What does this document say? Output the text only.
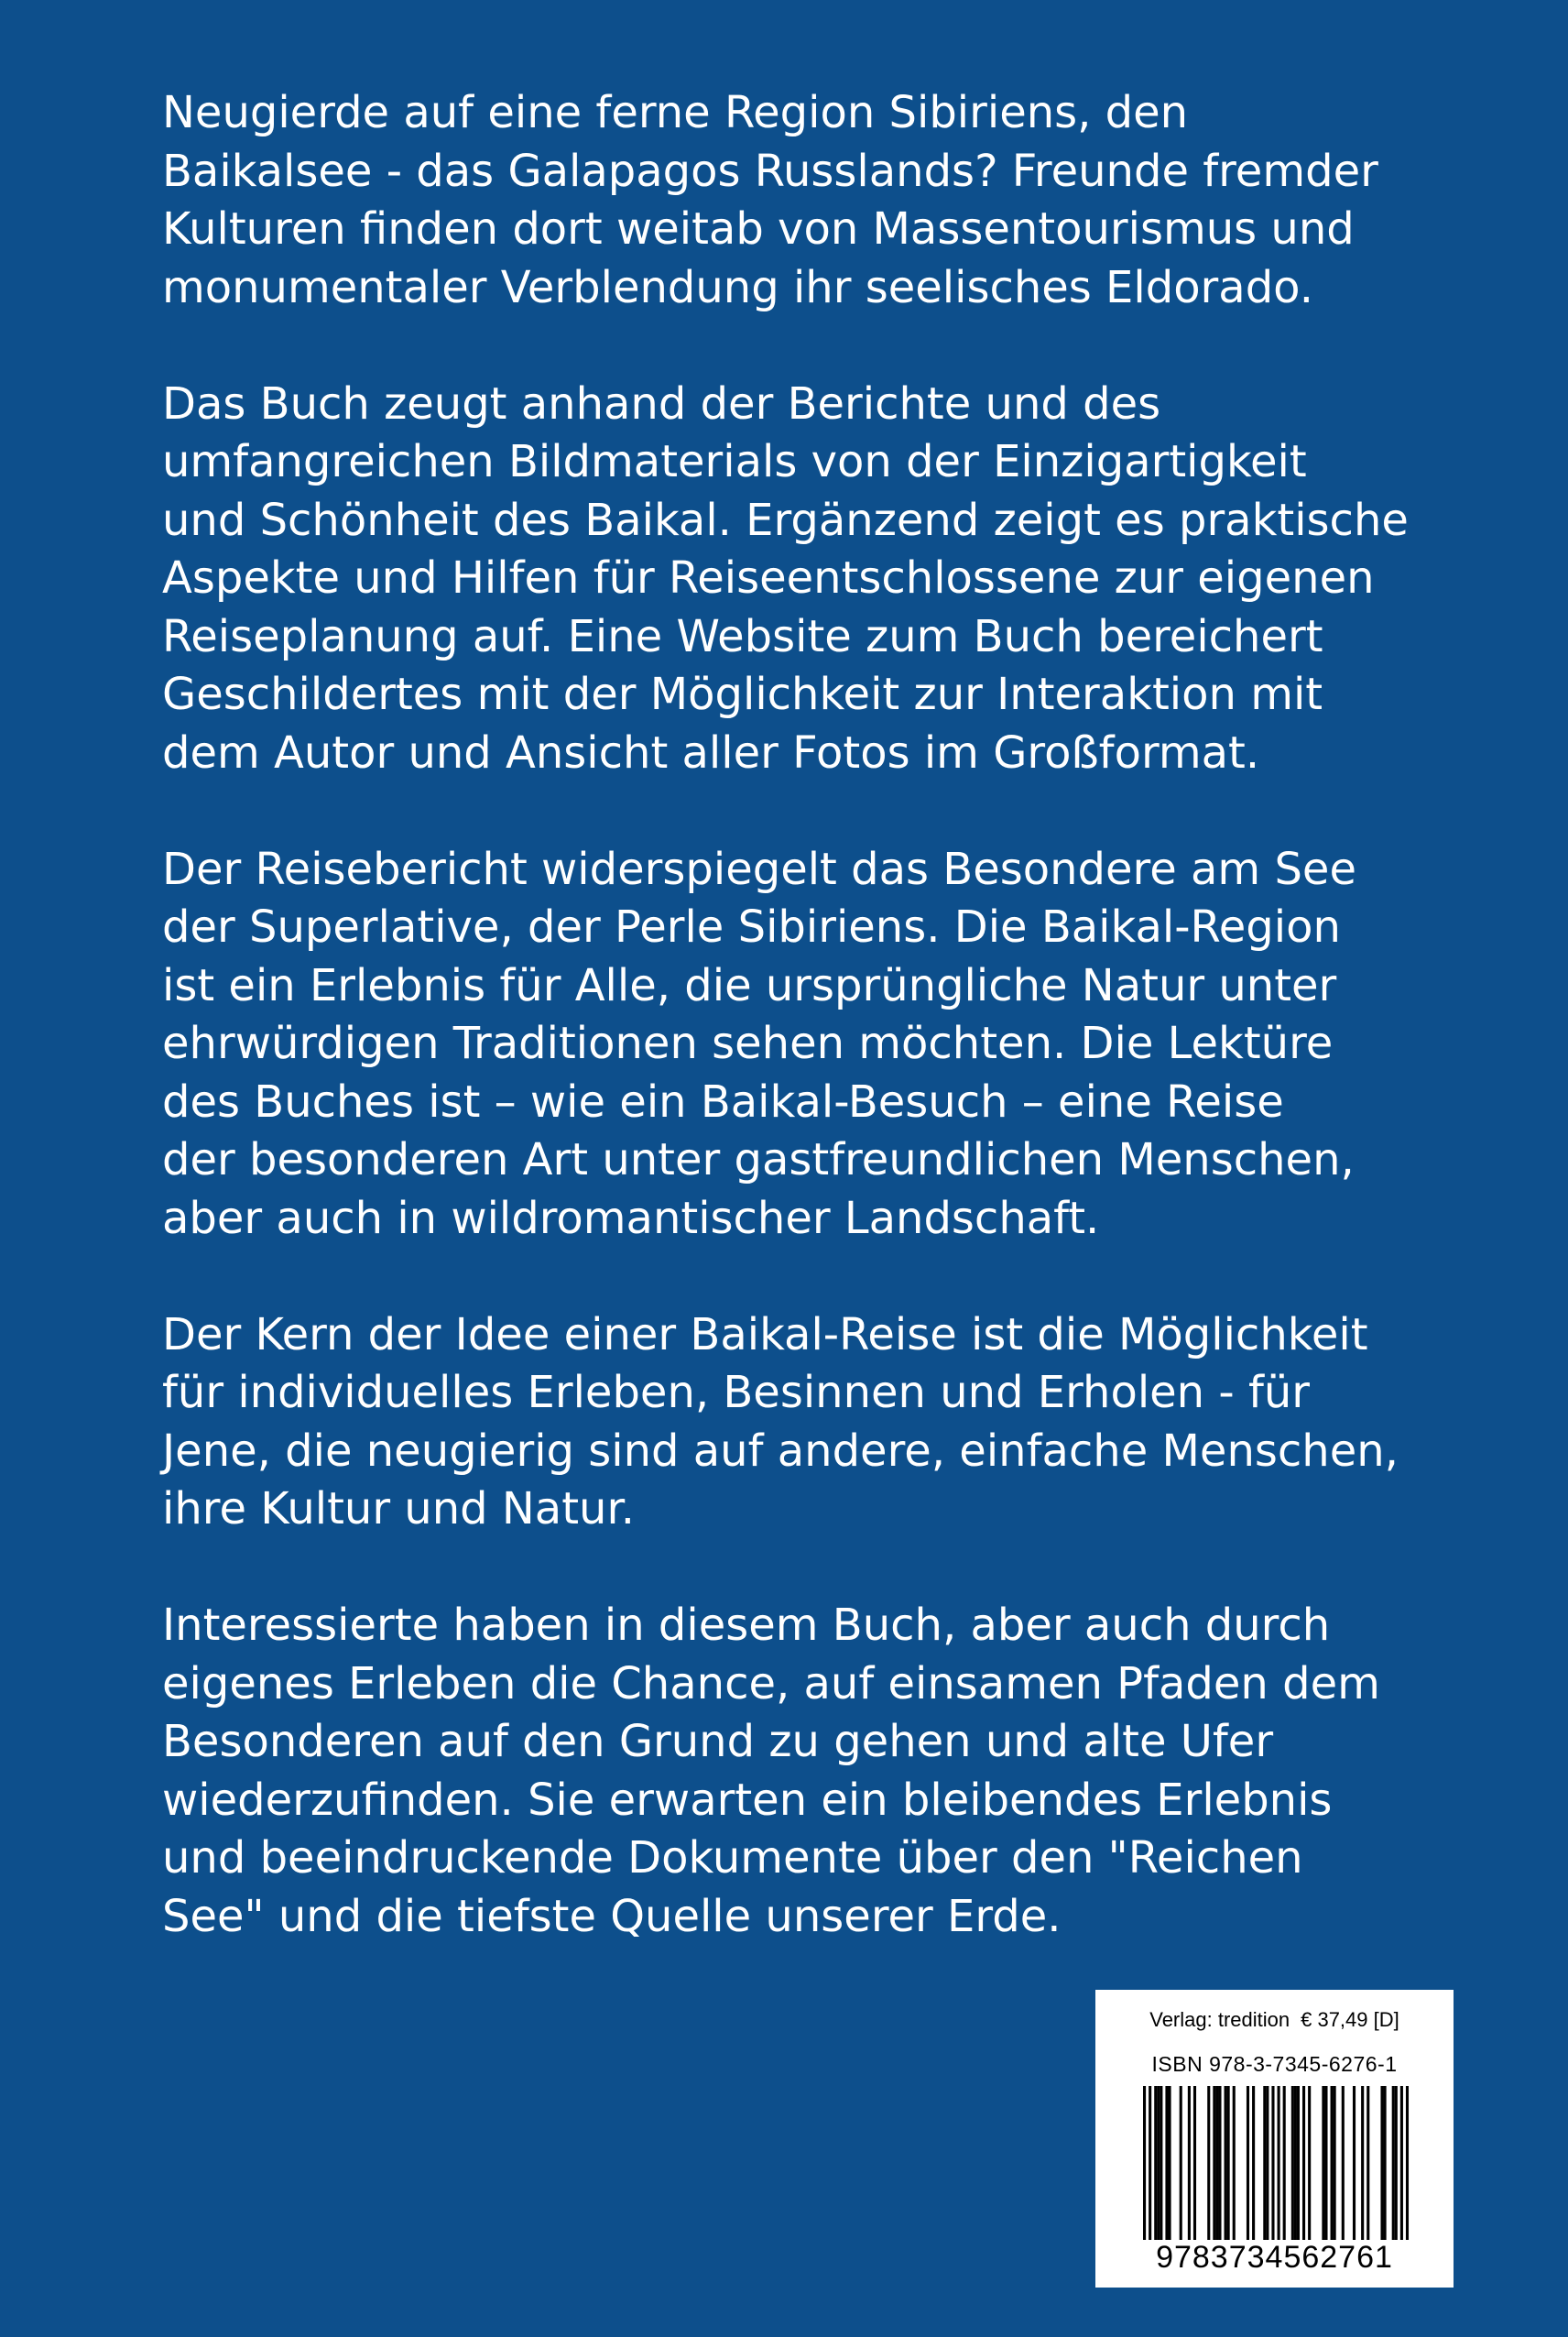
Neugierde auf eine ferne Region Sibiriens, den
Baikalsee - das Galapagos Russlands? Freunde fremder
Kulturen finden dort weitab von Massentourismus und
monumentaler Verblendung ihr seelisches Eldorado.
Das Buch zeugt anhand der Berichte und des
umfangreichen Bildmaterials von der Einzigartigkeit
und Schönheit des Baikal. Ergänzend zeigt es praktische
Aspekte und Hilfen für Reiseentschlossene zur eigenen
Reiseplanung auf. Eine Website zum Buch bereichert
Geschildertes mit der Möglichkeit zur Interaktion mit
dem Autor und Ansicht aller Fotos im Großformat.
Der Reisebericht widerspiegelt das Besondere am See
der Superlative, der Perle Sibiriens. Die Baikal-Region
ist ein Erlebnis für Alle, die ursprüngliche Natur unter
ehrwürdigen Traditionen sehen möchten. Die Lektüre
des Buches ist – wie ein Baikal-Besuch – eine Reise
der besonderen Art unter gastfreundlichen Menschen,
aber auch in wildromantischer Landschaft.
Der Kern der Idee einer Baikal-Reise ist die Möglichkeit
für individuelles Erleben, Besinnen und Erholen - für
Jene, die neugierig sind auf andere, einfache Menschen,
ihre Kultur und Natur.
Interessierte haben in diesem Buch, aber auch durch
eigenes Erleben die Chance, auf einsamen Pfaden dem
Besonderen auf den Grund zu gehen und alte Ufer
wiederzufinden. Sie erwarten ein bleibendes Erlebnis
und beeindruckende Dokumente über den "Reichen
See" und die tiefste Quelle unserer Erde.
Verlag: tredition € 37,49 [D]
ISBN 978-3-7345-6276-1
9783734562761
